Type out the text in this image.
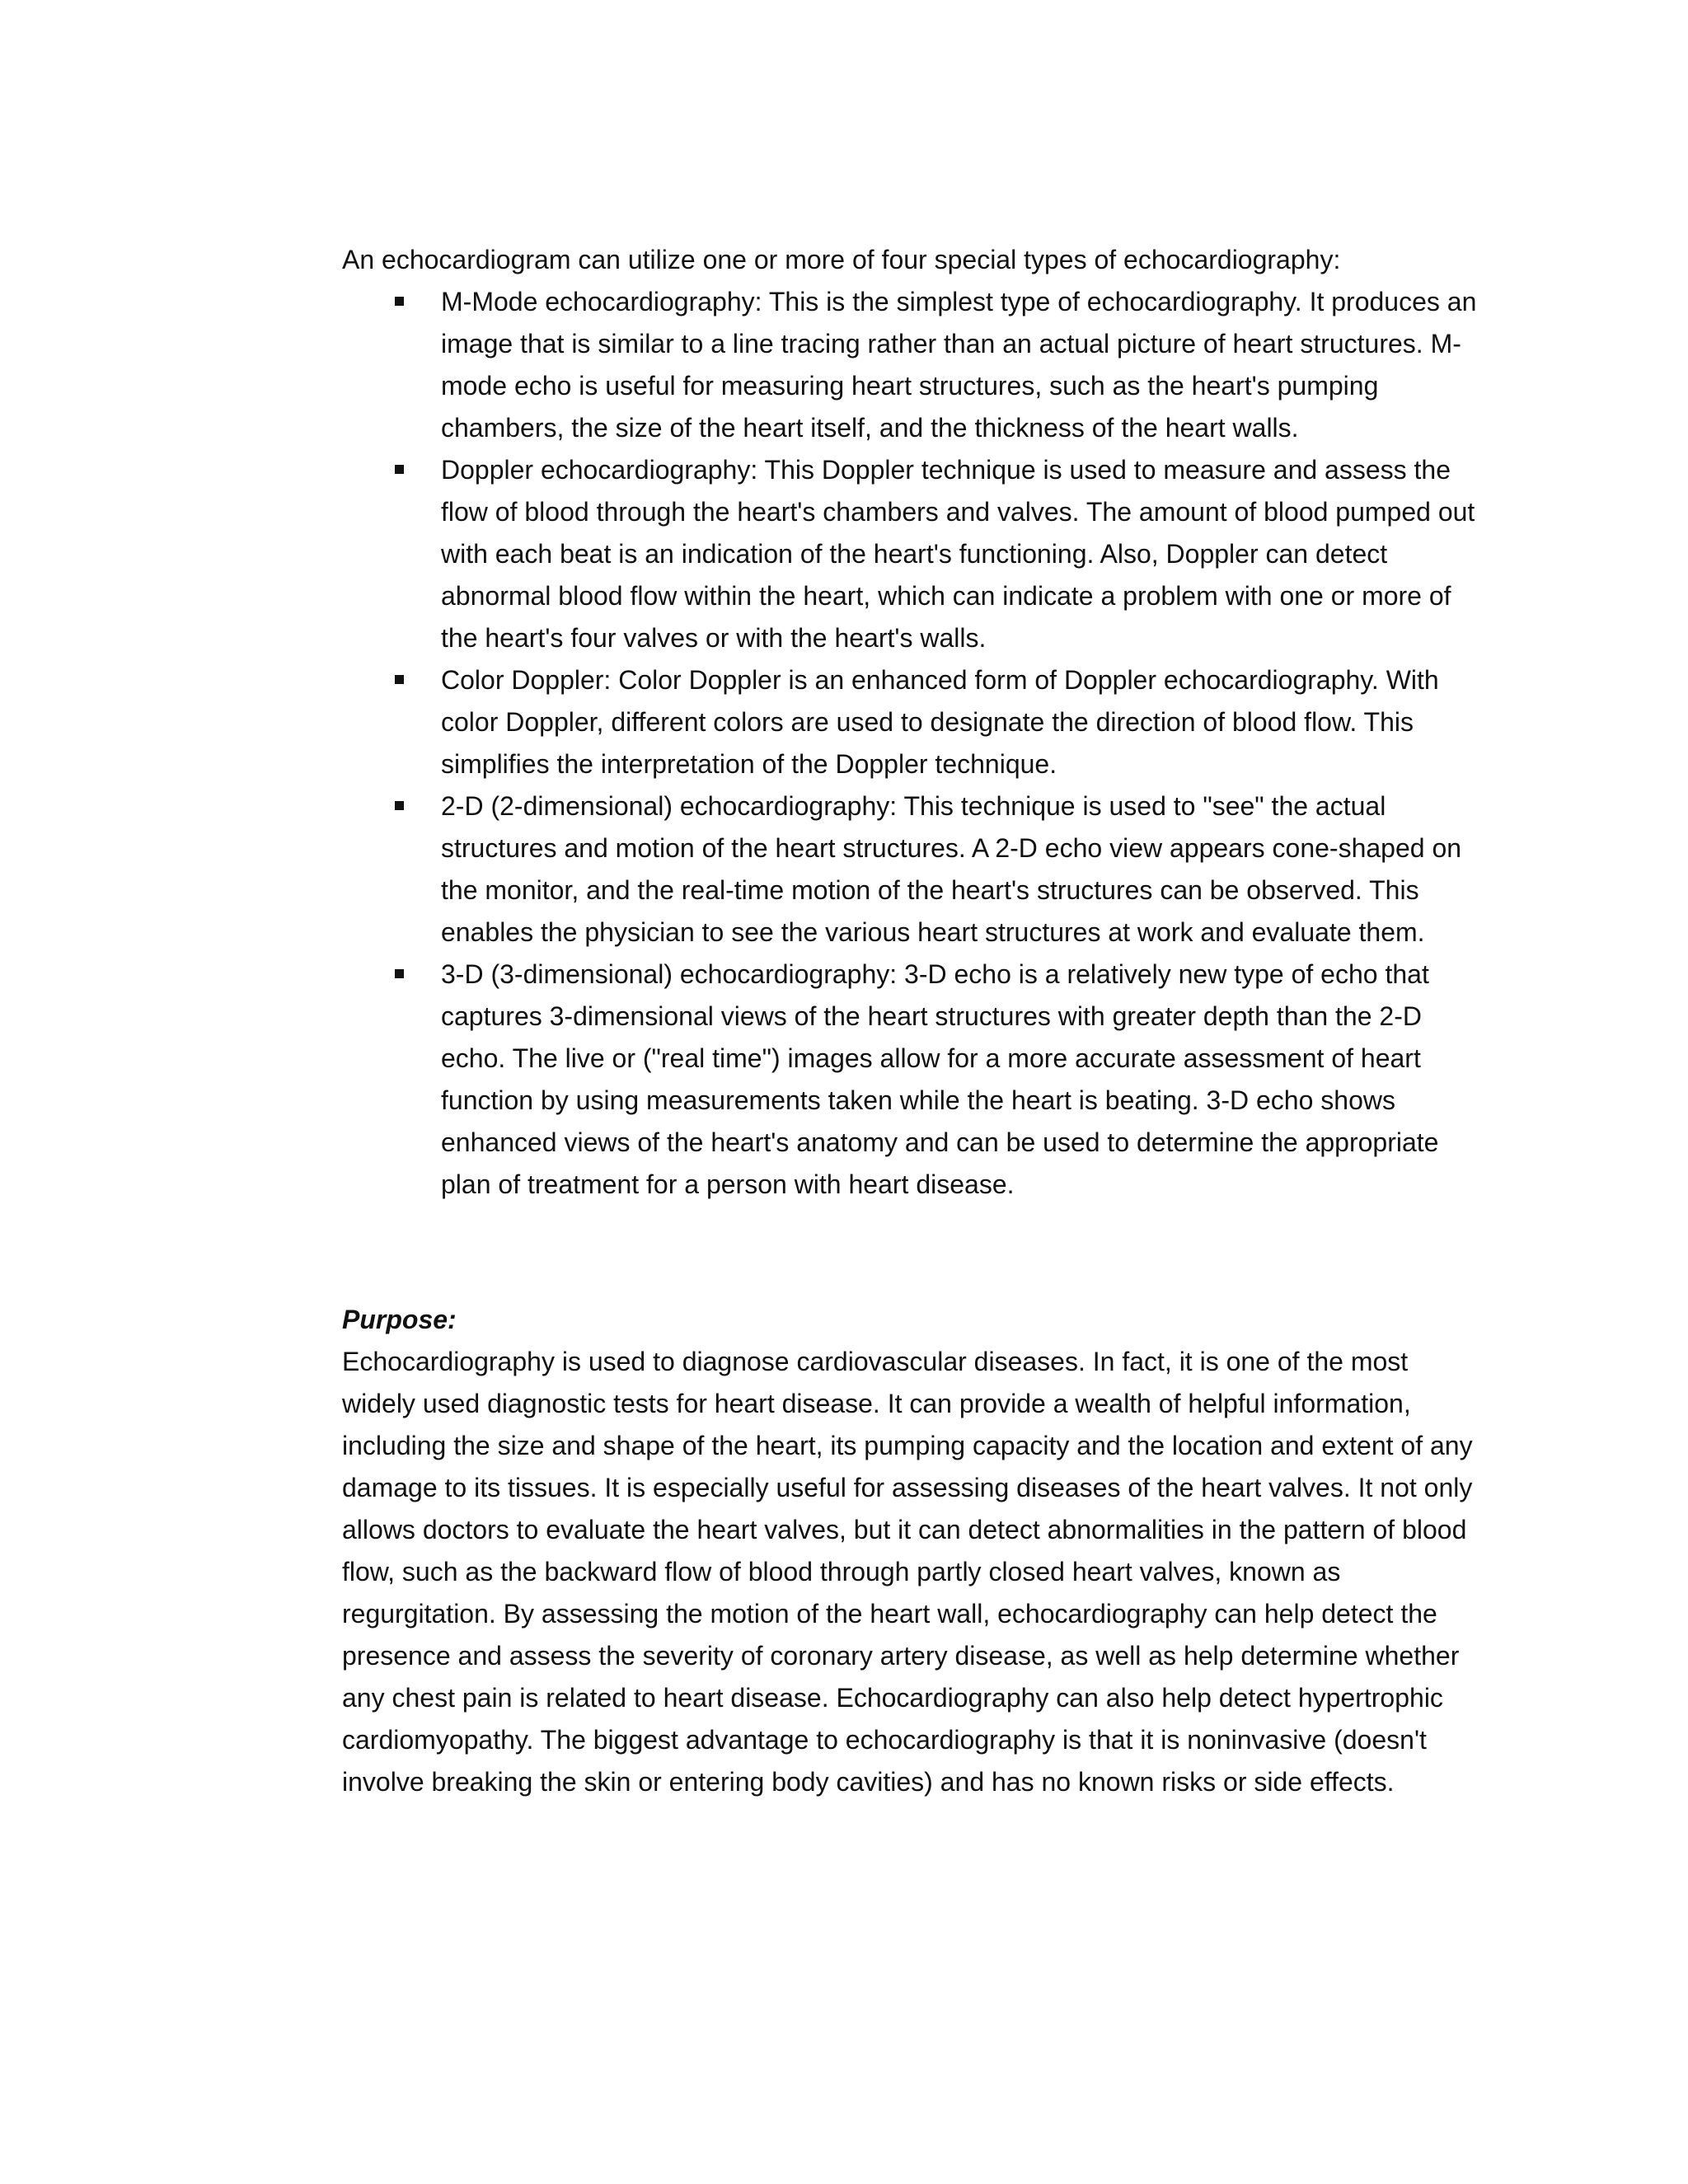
An echocardiogram can utilize one or more of four special types of echocardiography:

M-Mode echocardiography: This is the simplest type of echocardiography. It produces an image that is similar to a line tracing rather than an actual picture of heart structures. M-mode echo is useful for measuring heart structures, such as the heart's pumping chambers, the size of the heart itself, and the thickness of the heart walls.
Doppler echocardiography: This Doppler technique is used to measure and assess the flow of blood through the heart's chambers and valves. The amount of blood pumped out with each beat is an indication of the heart's functioning. Also, Doppler can detect abnormal blood flow within the heart, which can indicate a problem with one or more of the heart's four valves or with the heart's walls.
Color Doppler: Color Doppler is an enhanced form of Doppler echocardiography. With color Doppler, different colors are used to designate the direction of blood flow. This simplifies the interpretation of the Doppler technique.
2-D (2-dimensional) echocardiography: This technique is used to "see" the actual structures and motion of the heart structures. A 2-D echo view appears cone-shaped on the monitor, and the real-time motion of the heart's structures can be observed. This enables the physician to see the various heart structures at work and evaluate them.
3-D (3-dimensional) echocardiography: 3-D echo is a relatively new type of echo that captures 3-dimensional views of the heart structures with greater depth than the 2-D echo. The live or ("real time") images allow for a more accurate assessment of heart function by using measurements taken while the heart is beating. 3-D echo shows enhanced views of the heart's anatomy and can be used to determine the appropriate plan of treatment for a person with heart disease.

Purpose:

Echocardiography is used to diagnose cardiovascular diseases. In fact, it is one of the most widely used diagnostic tests for heart disease. It can provide a wealth of helpful information, including the size and shape of the heart, its pumping capacity and the location and extent of any damage to its tissues. It is especially useful for assessing diseases of the heart valves. It not only allows doctors to evaluate the heart valves, but it can detect abnormalities in the pattern of blood flow, such as the backward flow of blood through partly closed heart valves, known as regurgitation. By assessing the motion of the heart wall, echocardiography can help detect the presence and assess the severity of coronary artery disease, as well as help determine whether any chest pain is related to heart disease. Echocardiography can also help detect hypertrophic cardiomyopathy. The biggest advantage to echocardiography is that it is noninvasive (doesn't involve breaking the skin or entering body cavities) and has no known risks or side effects.
